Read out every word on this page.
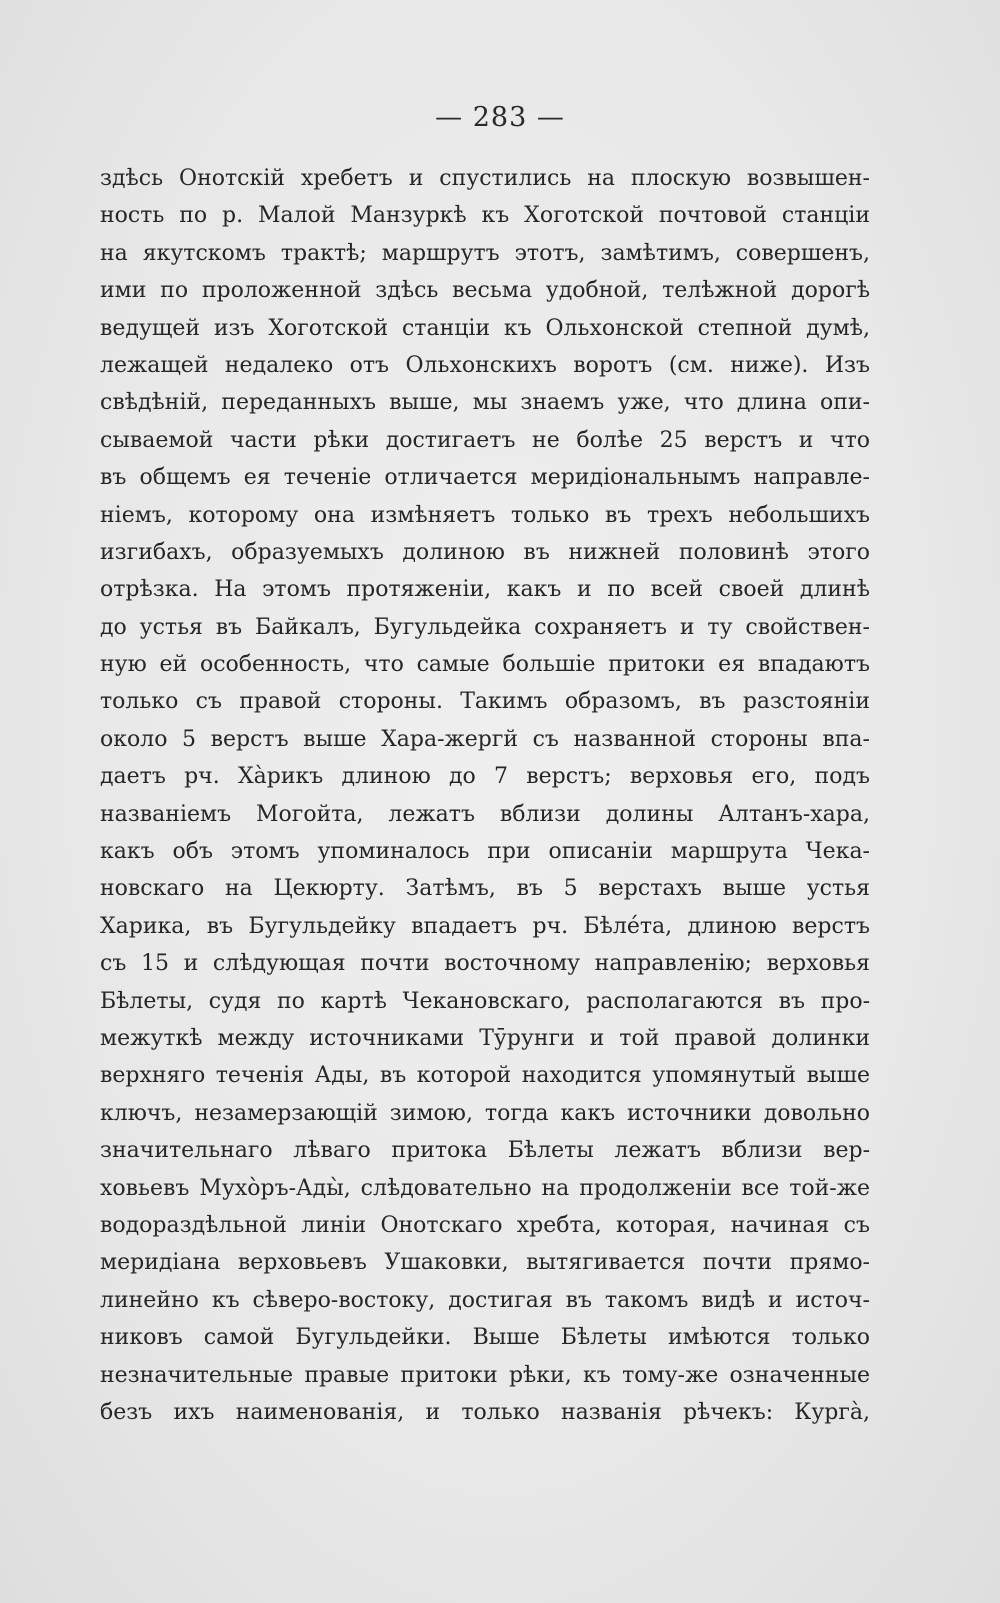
— 283 —
здѣсь Онотскій хребетъ и спустились на плоскую возвышен-
ность по р. Малой Манзуркѣ къ Хоготской почтовой станціи
на якутскомъ трактѣ; маршрутъ этотъ, замѣтимъ, совершенъ,
ими по проложенной здѣсь весьма удобной, телѣжной дорогѣ
ведущей изъ Хоготской станціи къ Ольхонской степной думѣ,
лежащей недалеко отъ Ольхонскихъ воротъ (см. ниже). Изъ
свѣдѣній, переданныхъ выше, мы знаемъ уже, что длина опи-
сываемой части рѣки достигаетъ не болѣе 25 верстъ и что
въ общемъ ея теченіе отличается меридіональнымъ направле-
ніемъ, которому она измѣняетъ только въ трехъ небольшихъ
изгибахъ, образуемыхъ долиною въ нижней половинѣ этого
отрѣзка. На этомъ протяженіи, какъ и по всей своей длинѣ
до устья въ Байкалъ, Бугульдейка сохраняетъ и ту свойствен-
ную ей особенность, что самые большіе притоки ея впадаютъ
только съ правой стороны. Такимъ образомъ, въ разстояніи
около 5 верстъ выше Хара-жергй съ названной стороны впа-
даетъ рч. Ха̀рикъ длиною до 7 верстъ; верховья его, подъ
названіемъ Могойта, лежатъ вблизи долины Алтанъ-хара,
какъ объ этомъ упоминалось при описаніи маршрута Чека-
новскаго на Цекюрту. Затѣмъ, въ 5 верстахъ выше устья
Харика, въ Бугульдейку впадаетъ рч. Бѣле́та, длиною верстъ
съ 15 и слѣдующая почти восточному направленію; верховья
Бѣлеты, судя по картѣ Чекановскаго, располагаются въ про-
межуткѣ между источниками Тӯрунги и той правой долинки
верхняго теченія Ады, въ которой находится упомянутый выше
ключъ, незамерзающій зимою, тогда какъ источники довольно
значительнаго лѣваго притока Бѣлеты лежатъ вблизи вер-
ховьевъ Мухо̀ръ-Ады̀, слѣдовательно на продолженіи все той-же
водораздѣльной линіи Онотскаго хребта, которая, начиная съ
меридіана верховьевъ Ушаковки, вытягивается почти прямо-
линейно къ сѣверо-востоку, достигая въ такомъ видѣ и источ-
никовъ самой Бугульдейки. Выше Бѣлеты имѣются только
незначительные правые притоки рѣки, къ тому-же означенные
безъ ихъ наименованія, и только названія рѣчекъ: Курга̀,
